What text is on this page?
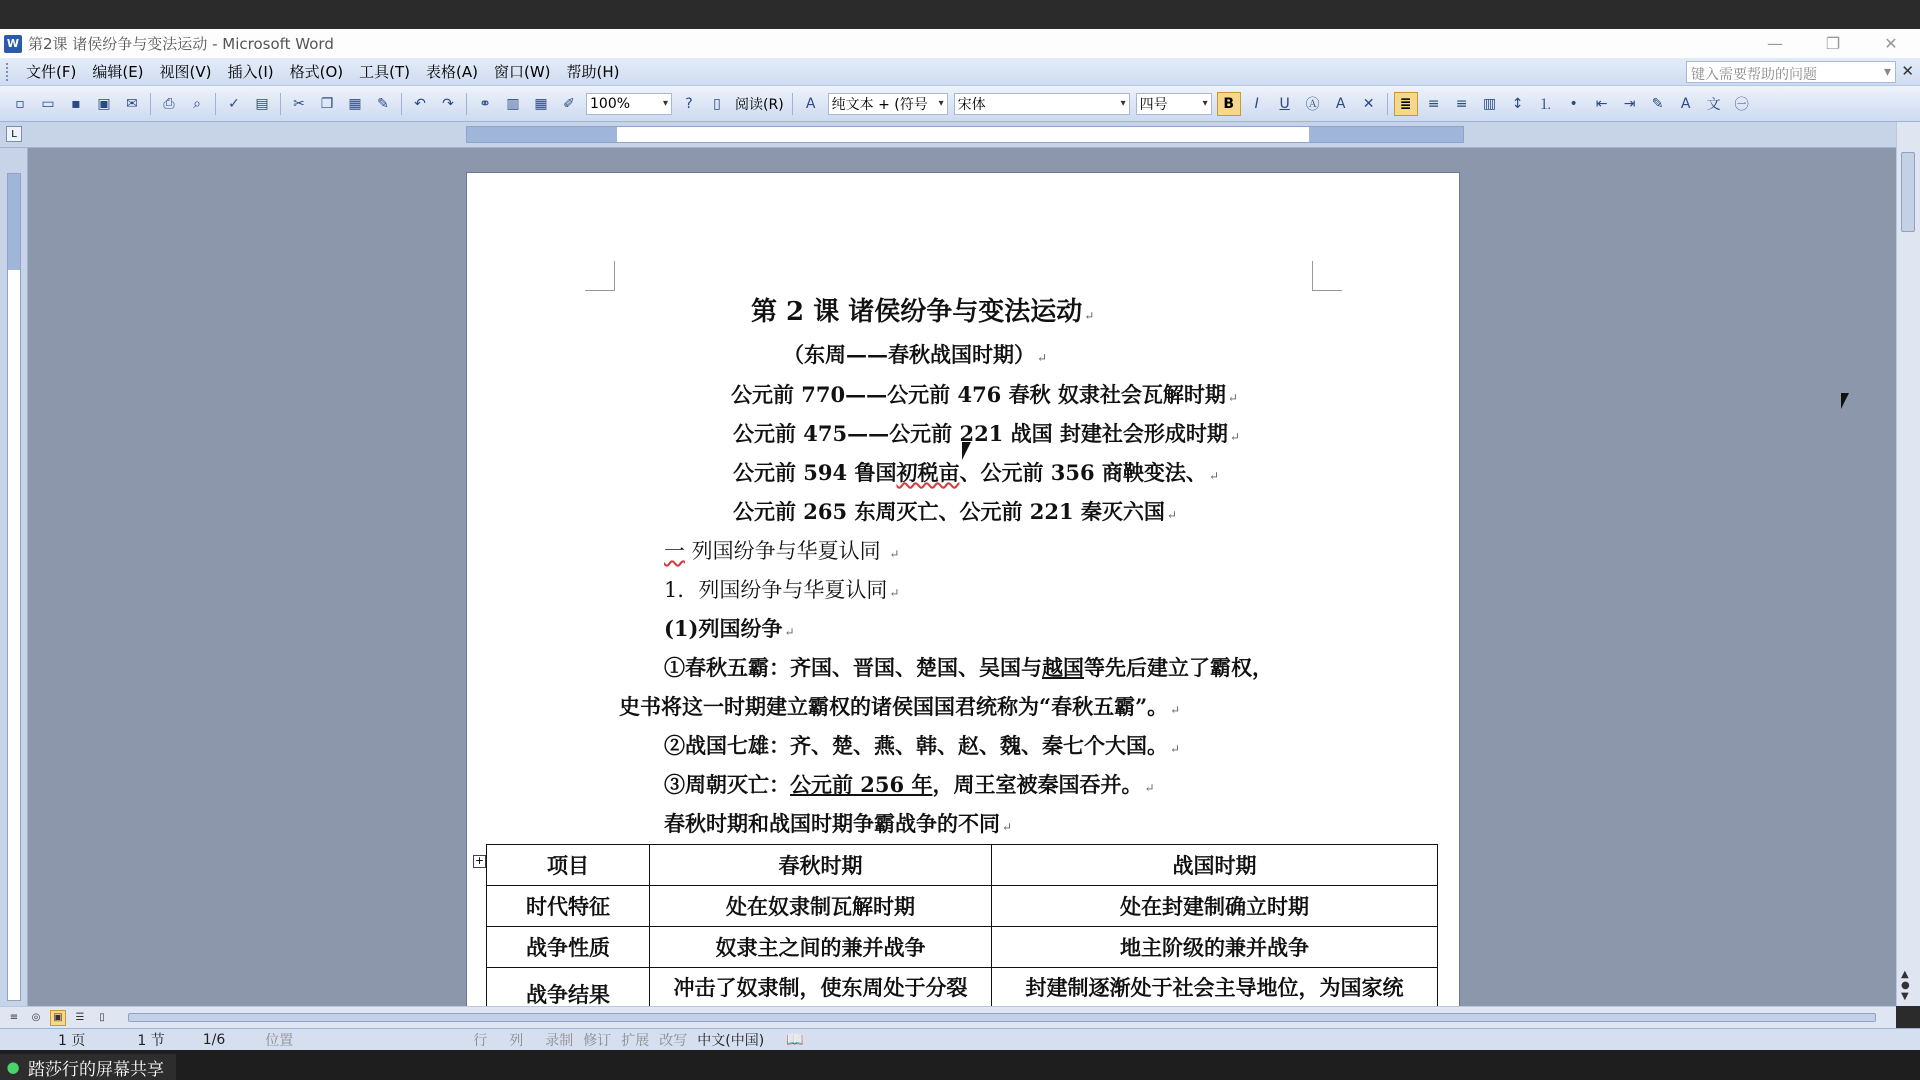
W 第2课 诸侯纷争与变法运动 - Microsoft Word	—	❐	✕
文件(F)	编辑(E)	视图(V)	插入(I)	格式(O)	工具(T)	表格(A)	窗口(W)	帮助(H)	键入需要帮助的问题	▾ ✕
▫	▭	▪	▣	✉	⎙	⌕	✓	▤	✂	❐	▦	✎	↶	↷	⚭	▥	▦	✐	100%	▾	?	▯	阅读(R)	A	纯文本 + (符号 ▾ 宋体	▾ 四号	▾	B	I	U	Ⓐ	A	✕	≣	≡	≡	▥	↕	⒈	•	⇤	⇥	✎	A	文	㊀
L
第 2 课 诸侯纷争与变法运动 ↵
（东周——春秋战国时期） ↵
公元前 770——公元前 476 春秋 奴隶社会瓦解时期 ↵
公元前 475——公元前 221 战国 封建社会形成时期 ↵
公元前 594 鲁国初税亩、公元前 356 商鞅变法、 ↵
公元前 265 东周灭亡、公元前 221 秦灭六国 ↵
一 列国纷争与华夏认同 ↵
1．列国纷争与华夏认同 ↵
(1)列国纷争 ↵
①春秋五霸：齐国、晋国、楚国、吴国与越国等先后建立了霸权，
史书将这一时期建立霸权的诸侯国国君统称为“春秋五霸”。 ↵
②战国七雄：齐、楚、燕、韩、赵、魏、秦七个大国。 ↵
③周朝灭亡：公元前 256 年，周王室被秦国吞并。 ↵
春秋时期和战国时期争霸战争的不同 ↵
+	项目	春秋时期	战国时期
时代特征	处在奴隶制瓦解时期	处在封建制确立时期
战争性质	奴隶主之间的兼并战争	地主阶级的兼并战争
战争结果	冲击了奴隶制，使东周处于分裂	封建制逐渐处于社会主导地位，为国家统
▲
●
▼
≡	◎	▣	☰	▯
1 页	1 节	1/6	位置	行 列 录制 修订 扩展 改写 中文(中国) 📖
● 踏莎行的屏幕共享
